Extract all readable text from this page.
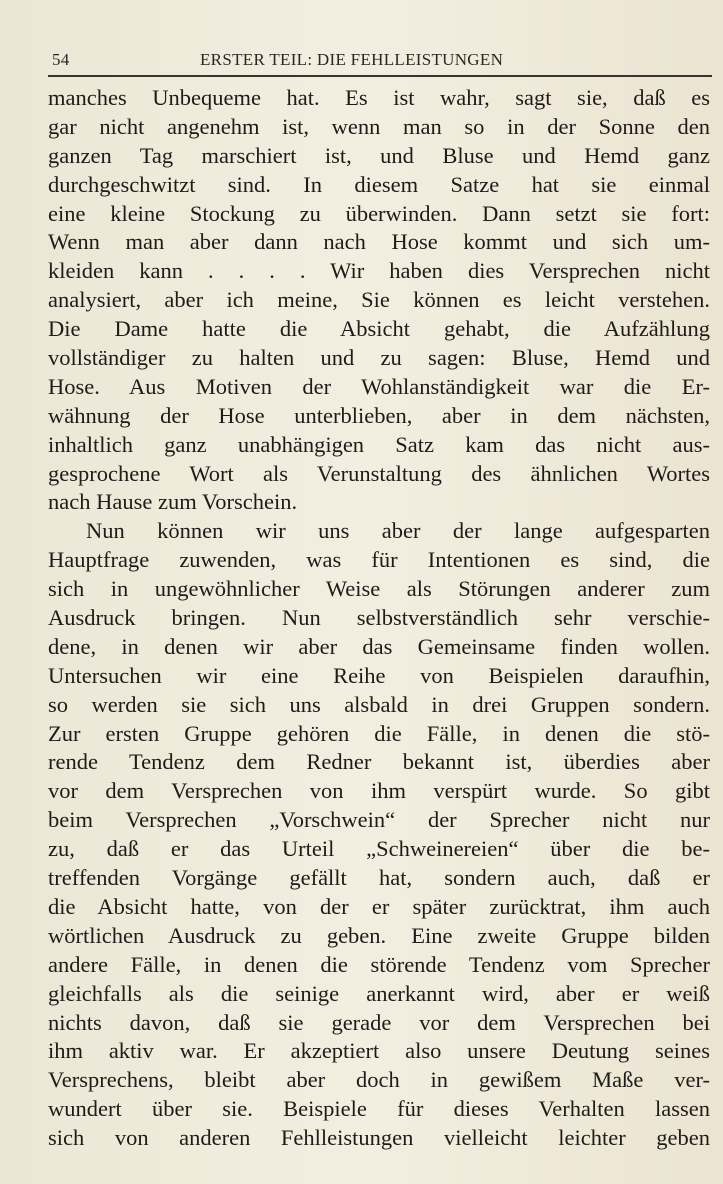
54	ERSTER TEIL: DIE FEHLLEISTUNGEN
manches Unbequeme hat. Es ist wahr, sagt sie, daß es
gar nicht angenehm ist, wenn man so in der Sonne den
ganzen Tag marschiert ist, und Bluse und Hemd ganz
durchgeschwitzt sind. In diesem Satze hat sie einmal
eine kleine Stockung zu überwinden. Dann setzt sie fort:
Wenn man aber dann nach Hose kommt und sich um-
kleiden kann . . . . Wir haben dies Versprechen nicht
analysiert, aber ich meine, Sie können es leicht verstehen.
Die Dame hatte die Absicht gehabt, die Aufzählung
vollständiger zu halten und zu sagen: Bluse, Hemd und
Hose. Aus Motiven der Wohlanständigkeit war die Er-
wähnung der Hose unterblieben, aber in dem nächsten,
inhaltlich ganz unabhängigen Satz kam das nicht aus-
gesprochene Wort als Verunstaltung des ähnlichen Wortes
nach Hause zum Vorschein.
Nun können wir uns aber der lange aufgesparten
Hauptfrage zuwenden, was für Intentionen es sind, die
sich in ungewöhnlicher Weise als Störungen anderer zum
Ausdruck bringen. Nun selbstverständlich sehr verschie-
dene, in denen wir aber das Gemeinsame finden wollen.
Untersuchen wir eine Reihe von Beispielen daraufhin,
so werden sie sich uns alsbald in drei Gruppen sondern.
Zur ersten Gruppe gehören die Fälle, in denen die stö-
rende Tendenz dem Redner bekannt ist, überdies aber
vor dem Versprechen von ihm verspürt wurde. So gibt
beim Versprechen „Vorschwein“ der Sprecher nicht nur
zu, daß er das Urteil „Schweinereien“ über die be-
treffenden Vorgänge gefällt hat, sondern auch, daß er
die Absicht hatte, von der er später zurücktrat, ihm auch
wörtlichen Ausdruck zu geben. Eine zweite Gruppe bilden
andere Fälle, in denen die störende Tendenz vom Sprecher
gleichfalls als die seinige anerkannt wird, aber er weiß
nichts davon, daß sie gerade vor dem Versprechen bei
ihm aktiv war. Er akzeptiert also unsere Deutung seines
Versprechens, bleibt aber doch in gewißem Maße ver-
wundert über sie. Beispiele für dieses Verhalten lassen
sich von anderen Fehlleistungen vielleicht leichter geben
